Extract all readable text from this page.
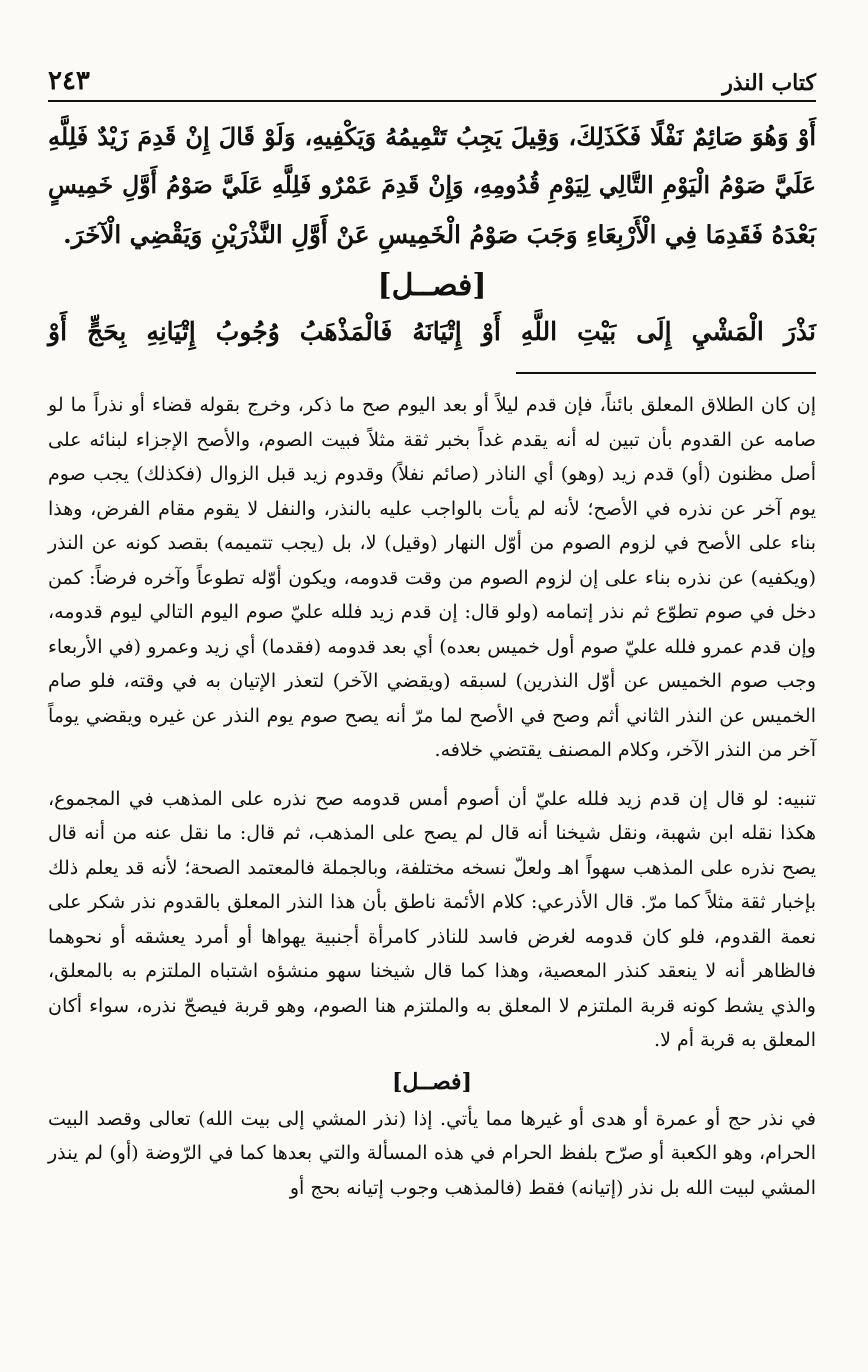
٢٤٣	كتاب النذر
أَوْ وَهُوَ صَائِمٌ نَفْلًا فَكَذَلِكَ، وَقِيلَ يَجِبُ تَتْمِيمُهُ وَيَكْفِيهِ، وَلَوْ قَالَ إِنْ قَدِمَ زَيْدٌ فَلِلَّهِ
عَلَيَّ صَوْمُ الْيَوْمِ التَّالِي لِيَوْمِ قُدُومِهِ، وَإِنْ قَدِمَ عَمْرٌو فَلِلَّهِ عَلَيَّ صَوْمُ أَوَّلِ خَمِيسٍ
بَعْدَهُ فَقَدِمَا فِي الْأَرْبِعَاءِ وَجَبَ صَوْمُ الْخَمِيسِ عَنْ أَوَّلِ النَّذْرَيْنِ وَيَقْضِي الْآخَرَ.
[فصــل]
نَذْرَ الْمَشْيِ إِلَى بَيْتِ اللَّهِ أَوْ إِتْيَانَهُ فَالْمَذْهَبُ وُجُوبُ إِتْيَانِهِ بِحَجٍّ أَوْ

إن كان الطلاق المعلق بائناً، فإن قدم ليلاً أو بعد اليوم صح ما ذكر، وخرج بقوله قضاء أو نذراً ما لو صامه عن القدوم بأن تبين له أنه يقدم غداً بخبر ثقة مثلاً فبيت الصوم، والأصح الإجزاء لبنائه على أصل مظنون (أو) قدم زيد (وهو) أي الناذر (صائم نفلاً) وقدوم زيد قبل الزوال (فكذلك) يجب صوم يوم آخر عن نذره في الأصح؛ لأنه لم يأت بالواجب عليه بالنذر، والنفل لا يقوم مقام الفرض، وهذا بناء على الأصح في لزوم الصوم من أوّل النهار (وقيل) لا، بل (يجب تتميمه) بقصد كونه عن النذر (ويكفيه) عن نذره بناء على إن لزوم الصوم من وقت قدومه، ويكون أوّله تطوعاً وآخره فرضاً: كمن دخل في صوم تطوّع ثم نذر إتمامه (ولو قال: إن قدم زيد فلله عليّ صوم اليوم التالي ليوم قدومه، وإن قدم عمرو فلله عليّ صوم أول خميس بعده) أي بعد قدومه (فقدما) أي زيد وعمرو (في الأربعاء وجب صوم الخميس عن أوّل النذرين) لسبقه (ويقضي الآخر) لتعذر الإتيان به في وقته، فلو صام الخميس عن النذر الثاني أثم وصح في الأصح لما مرّ أنه يصح صوم يوم النذر عن غيره ويقضي يوماً آخر من النذر الآخر، وكلام المصنف يقتضي خلافه.

تنبيه: لو قال إن قدم زيد فلله عليّ أن أصوم أمس قدومه صح نذره على المذهب في المجموع، هكذا نقله ابن شهبة، ونقل شيخنا أنه قال لم يصح على المذهب، ثم قال: ما نقل عنه من أنه قال يصح نذره على المذهب سهواً اهـ ولعلّ نسخه مختلفة، وبالجملة فالمعتمد الصحة؛ لأنه قد يعلم ذلك بإخبار ثقة مثلاً كما مرّ. قال الأذرعي: كلام الأئمة ناطق بأن هذا النذر المعلق بالقدوم نذر شكر على نعمة القدوم، فلو كان قدومه لغرض فاسد للناذر كامرأة أجنبية يهواها أو أمرد يعشقه أو نحوهما فالظاهر أنه لا ينعقد كنذر المعصية، وهذا كما قال شيخنا سهو منشؤه اشتباه الملتزم به بالمعلق، والذي يشط كونه قربة الملتزم لا المعلق به والملتزم هنا الصوم، وهو قربة فيصحّ نذره، سواء أكان المعلق به قربة أم لا.

[فصــل]

في نذر حج أو عمرة أو هدى أو غيرها مما يأتي. إذا (نذر المشي إلى بيت الله) تعالى وقصد البيت الحرام، وهو الكعبة أو صرّح بلفظ الحرام في هذه المسألة والتي بعدها كما في الرّوضة (أو) لم ينذر المشي لبيت الله بل نذر (إتيانه) فقط (فالمذهب وجوب إتيانه بحج أو
